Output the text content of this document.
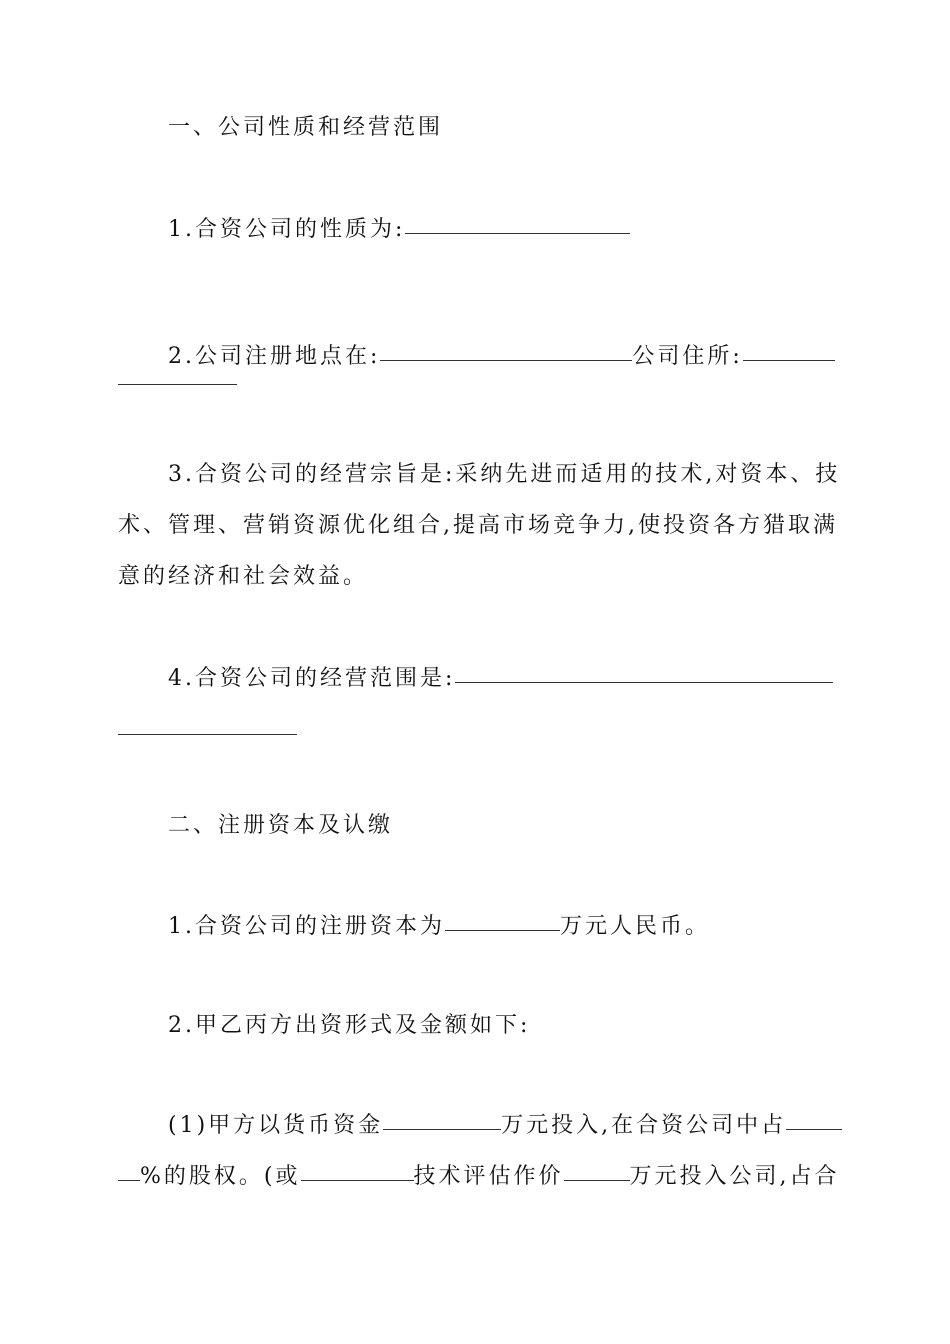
一、公司性质和经营范围
1.合资公司的性质为:
2.公司注册地点在:	公司住所:
3.合资公司的经营宗旨是:采纳先进而适用的技术,对资本、技
术、管理、营销资源优化组合,提高市场竞争力,使投资各方猎取满
意的经济和社会效益。
4.合资公司的经营范围是:
二、注册资本及认缴
1.合资公司的注册资本为	万元人民币。
2.甲乙丙方出资形式及金额如下:
(1)甲方以货币资金	万元投入,在合资公司中占
%的股权。(或	技术评估作价	万元投入公司,占合
